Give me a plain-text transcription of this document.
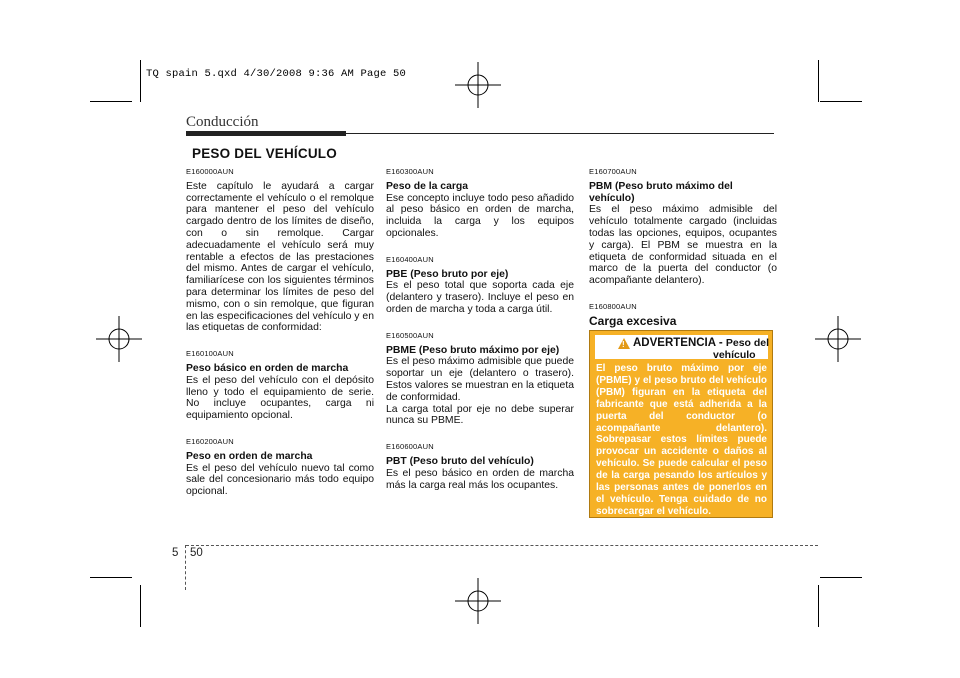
TQ spain 5.qxd 4/30/2008 9:36 AM Page 50
Conducción
PESO DEL VEHÍCULO
E160000AUN

Este capítulo le ayudará a cargar correctamente el vehículo o el remolque para mantener el peso del vehículo cargado dentro de los límites de diseño, con o sin remolque. Cargar adecuadamente el vehículo será muy rentable a efectos de las prestaciones del mismo. Antes de cargar el vehículo, familiarícese con los siguientes términos para determinar los límites de peso del mismo, con o sin remolque, que figuran en las especificaciones del vehículo y en las etiquetas de conformidad:

E160100AUN
Peso básico en orden de marcha

Es el peso del vehículo con el depósito lleno y todo el equipamiento de serie. No incluye ocupantes, carga ni equipamiento opcional.

E160200AUN
Peso en orden de marcha

Es el peso del vehículo nuevo tal como sale del concesionario más todo equipo opcional.

E160300AUN
Peso de la carga

Ese concepto incluye todo peso añadido al peso básico en orden de marcha, incluida la carga y los equipos opcionales.

E160400AUN
PBE (Peso bruto por eje)

Es el peso total que soporta cada eje (delantero y trasero). Incluye el peso en orden de marcha y toda a carga útil.

E160500AUN
PBME (Peso bruto máximo por eje)

Es el peso máximo admisible que puede soportar un eje (delantero o trasero). Estos valores se muestran en la etiqueta de conformidad.

La carga total por eje no debe superar nunca su PBME.

E160600AUN
PBT (Peso bruto del vehículo)

Es el peso básico en orden de marcha más la carga real más los ocupantes.

E160700AUN
PBM (Peso bruto máximo del vehículo)

Es el peso máximo admisible del vehículo totalmente cargado (incluidas todas las opciones, equipos, ocupantes y carga). El PBM se muestra en la etiqueta de conformidad situada en el marco de la puerta del conductor (o acompañante delantero).

E160800AUN
Carga excesiva
! ADVERTENCIA - Peso del
vehículo
El peso bruto máximo por eje (PBME) y el peso bruto del vehículo (PBM) figuran en la etiqueta del fabricante que está adherida a la puerta del conductor (o acompañante delantero). Sobrepasar estos límites puede provocar un accidente o daños al vehículo. Se puede calcular el peso de la carga pesando los artículos y las personas antes de ponerlos en el vehículo. Tenga cuidado de no sobrecargar el vehículo.
5 50
